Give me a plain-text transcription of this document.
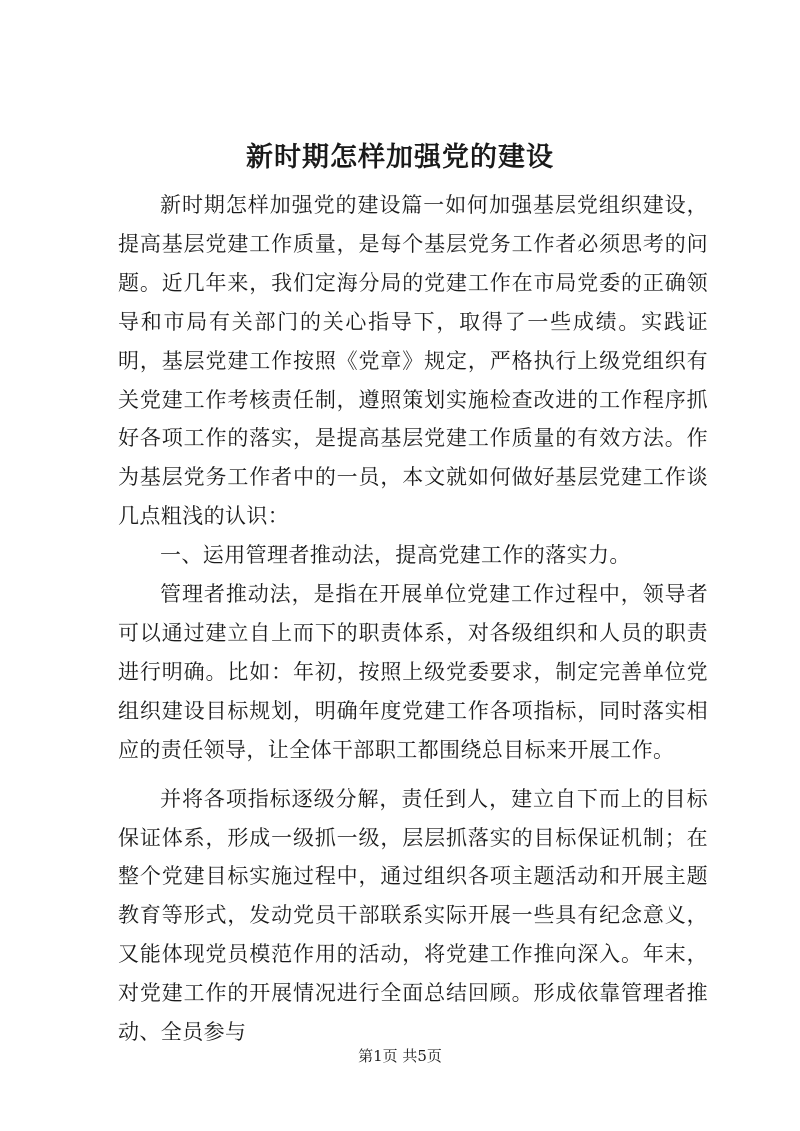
新时期怎样加强党的建设

新时期怎样加强党的建设篇一如何加强基层党组织建设，提高基层党建工作质量，是每个基层党务工作者必须思考的问题。近几年来，我们定海分局的党建工作在市局党委的正确领导和市局有关部门的关心指导下，取得了一些成绩。实践证明，基层党建工作按照《党章》规定，严格执行上级党组织有关党建工作考核责任制，遵照策划实施检查改进的工作程序抓好各项工作的落实，是提高基层党建工作质量的有效方法。作为基层党务工作者中的一员，本文就如何做好基层党建工作谈几点粗浅的认识：

一、运用管理者推动法，提高党建工作的落实力。

管理者推动法，是指在开展单位党建工作过程中，领导者可以通过建立自上而下的职责体系，对各级组织和人员的职责进行明确。比如：年初，按照上级党委要求，制定完善单位党组织建设目标规划，明确年度党建工作各项指标，同时落实相应的责任领导，让全体干部职工都围绕总目标来开展工作。

并将各项指标逐级分解，责任到人，建立自下而上的目标保证体系，形成一级抓一级，层层抓落实的目标保证机制；在整个党建目标实施过程中，通过组织各项主题活动和开展主题教育等形式，发动党员干部联系实际开展一些具有纪念意义，又能体现党员模范作用的活动，将党建工作推向深入。年末，对党建工作的开展情况进行全面总结回顾。形成依靠管理者推动、全员参与

第1页 共5页
